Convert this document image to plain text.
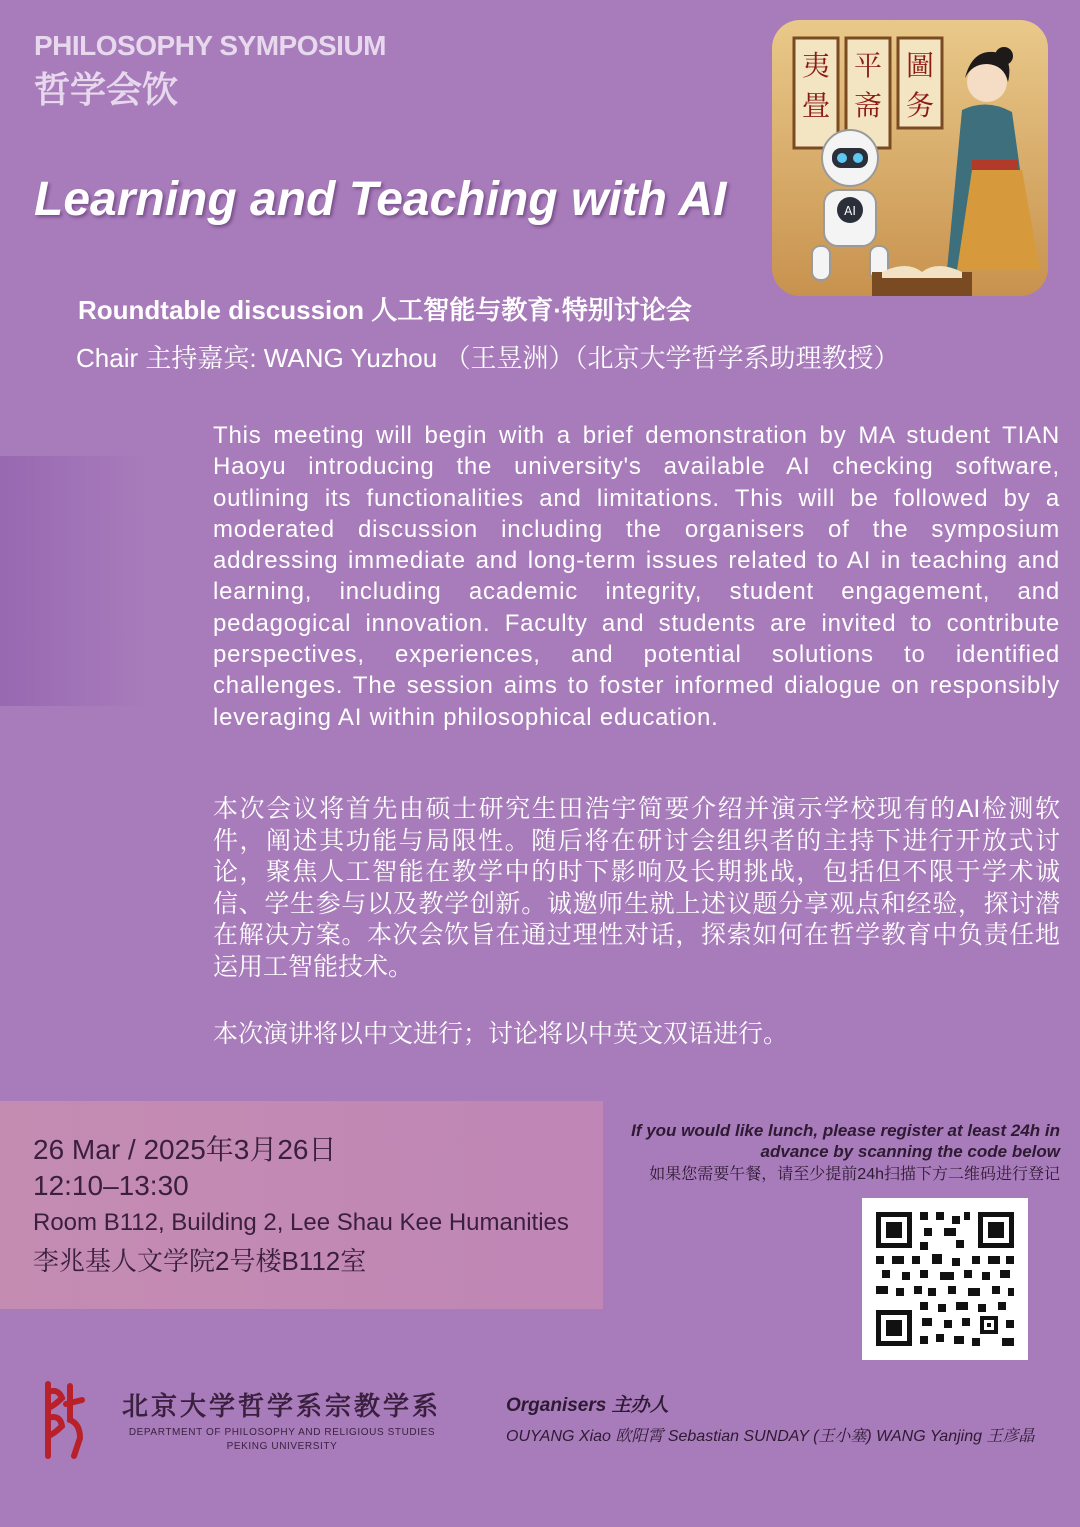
PHILOSOPHY SYMPOSIUM
哲学会饮
Learning and Teaching with AI
夷
畳
平
斋
圖
务
AI
Roundtable discussion 人工智能与教育·特别讨论会
Chair 主持嘉宾: WANG Yuzhou （王昱洲）（北京大学哲学系助理教授）
This meeting will begin with a brief demonstration by MA student TIAN Haoyu introducing the university's available AI checking software, outlining its functionalities and limitations. This will be followed by a moderated discussion including the organisers of the symposium addressing immediate and long-term issues related to AI in teaching and learning, including academic integrity, student engagement, and pedagogical innovation. Faculty and students are invited to contribute perspectives, experiences, and potential solutions to identified challenges. The session aims to foster informed dialogue on responsibly leveraging AI within philosophical education.
本次会议将首先由硕士研究生田浩宇简要介绍并演示学校现有的AI检测软件，阐述其功能与局限性。随后将在研讨会组织者的主持下进行开放式讨论，聚焦人工智能在教学中的时下影响及长期挑战，包括但不限于学术诚信、学生参与以及教学创新。诚邀师生就上述议题分享观点和经验，探讨潜在解决方案。本次会饮旨在通过理性对话，探索如何在哲学教育中负责任地运用工智能技术。
本次演讲将以中文进行；讨论将以中英文双语进行。
26 Mar / 2025年3月26日
12:10–13:30
Room B112, Building 2, Lee Shau Kee Humanities
李兆基人文学院2号楼B112室
If you would like lunch, please register at least 24h in advance by scanning the code below
如果您需要午餐，请至少提前24h扫描下方二维码进行登记
北京大学哲学系宗教学系
DEPARTMENT OF PHILOSOPHY AND RELIGIOUS STUDIES
PEKING UNIVERSITY
Organisers 主办人
OUYANG Xiao 欧阳霄 Sebastian SUNDAY (王小塞) WANG Yanjing 王彦晶
